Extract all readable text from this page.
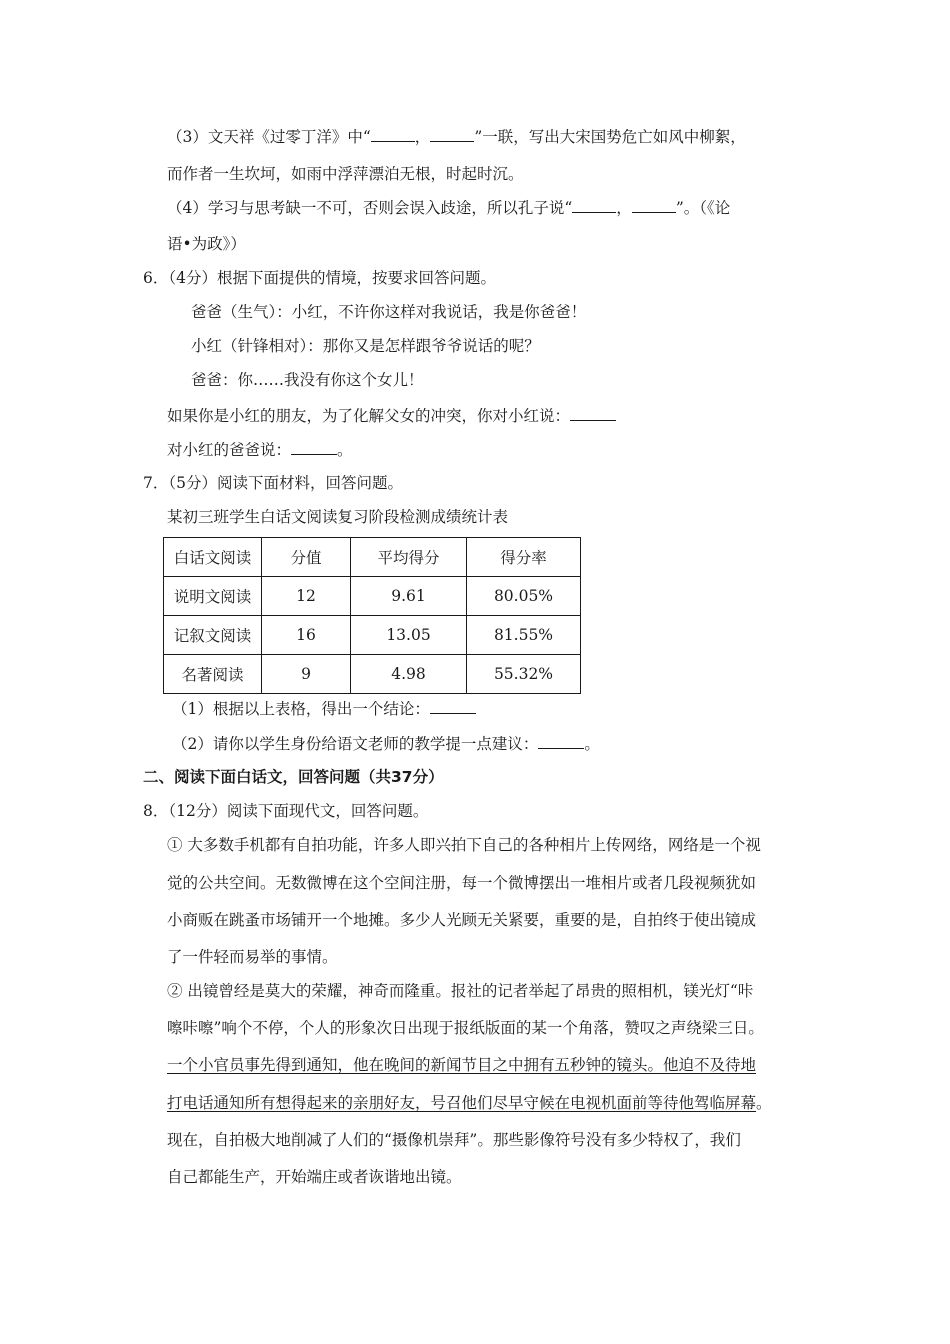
（3）文天祥《过零丁洋》中“	，	”一联，写出大宋国势危亡如风中柳絮，
而作者一生坎坷，如雨中浮萍漂泊无根，时起时沉。
（4）学习与思考缺一不可，否则会误入歧途，所以孔子说“	，	”。（《论
语•为政》）
6．（4分）根据下面提供的情境，按要求回答问题。
爸爸（生气）：小红，不许你这样对我说话，我是你爸爸！
小红（针锋相对）：那你又是怎样跟爷爷说话的呢？
爸爸：你……我没有你这个女儿！
如果你是小红的朋友，为了化解父女的冲突，你对小红说：
对小红的爸爸说：	。
7．（5分）阅读下面材料，回答问题。
某初三班学生白话文阅读复习阶段检测成绩统计表
白话文阅读	分值	平均得分	得分率
说明文阅读	12	9.61	80.05%
记叙文阅读	16	13.05	81.55%
名著阅读	9	4.98	55.32%
（1）根据以上表格，得出一个结论：
（2）请你以学生身份给语文老师的教学提一点建议：	。
二、阅读下面白话文，回答问题（共37分）
8．（12分）阅读下面现代文，回答问题。
① 大多数手机都有自拍功能，许多人即兴拍下自己的各种相片上传网络，网络是一个视
觉的公共空间。无数微博在这个空间注册，每一个微博摆出一堆相片或者几段视频犹如
小商贩在跳蚤市场铺开一个地摊。多少人光顾无关紧要，重要的是，自拍终于使出镜成
了一件轻而易举的事情。
② 出镜曾经是莫大的荣耀，神奇而隆重。报社的记者举起了昂贵的照相机，镁光灯“咔
嚓咔嚓”响个不停，个人的形象次日出现于报纸版面的某一个角落，赞叹之声绕梁三日。
一个小官员事先得到通知，他在晚间的新闻节目之中拥有五秒钟的镜头。他迫不及待地
打电话通知所有想得起来的亲朋好友，号召他们尽早守候在电视机面前等待他驾临屏幕。
现在，自拍极大地削减了人们的“摄像机崇拜”。那些影像符号没有多少特权了，我们
自己都能生产，开始端庄或者诙谐地出镜。
